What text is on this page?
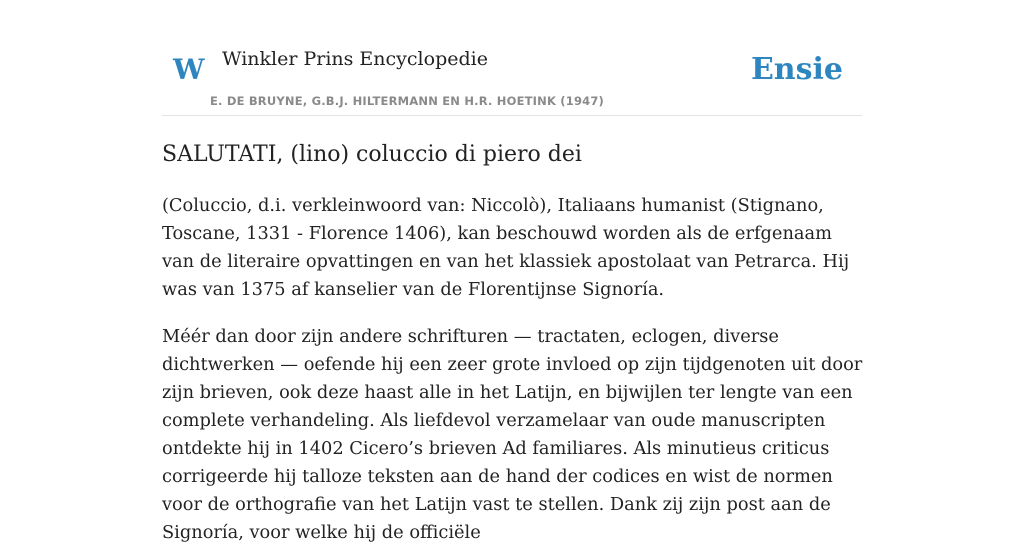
W Winkler Prins Encyclopedie
E. DE BRUYNE, G.B.J. HILTERMANN EN H.R. HOETINK (1947)
Ensie
SALUTATI, (lino) coluccio di piero dei

(Coluccio, d.i. verkleinwoord van: Niccolò), Italiaans humanist (Stignano, Toscane, 1331 - Florence 1406), kan beschouwd worden als de erfgenaam van de literaire opvattingen en van het klassiek apostolaat van Petrarca. Hij was van 1375 af kanselier van de Florentijnse Signoría.

Méér dan door zijn andere schrifturen — tractaten, eclogen, diverse dichtwerken — oefende hij een zeer grote invloed op zijn tijdgenoten uit door zijn brieven, ook deze haast alle in het Latijn, en bijwijlen ter lengte van een complete verhandeling. Als liefdevol verzamelaar van oude manuscripten ontdekte hij in 1402 Cicero’s brieven Ad familiares. Als minutieus criticus corrigeerde hij talloze teksten aan de hand der codices en wist de normen voor de orthografie van het Latijn vast te stellen. Dank zij zijn post aan de Signoría, voor welke hij de officiële
